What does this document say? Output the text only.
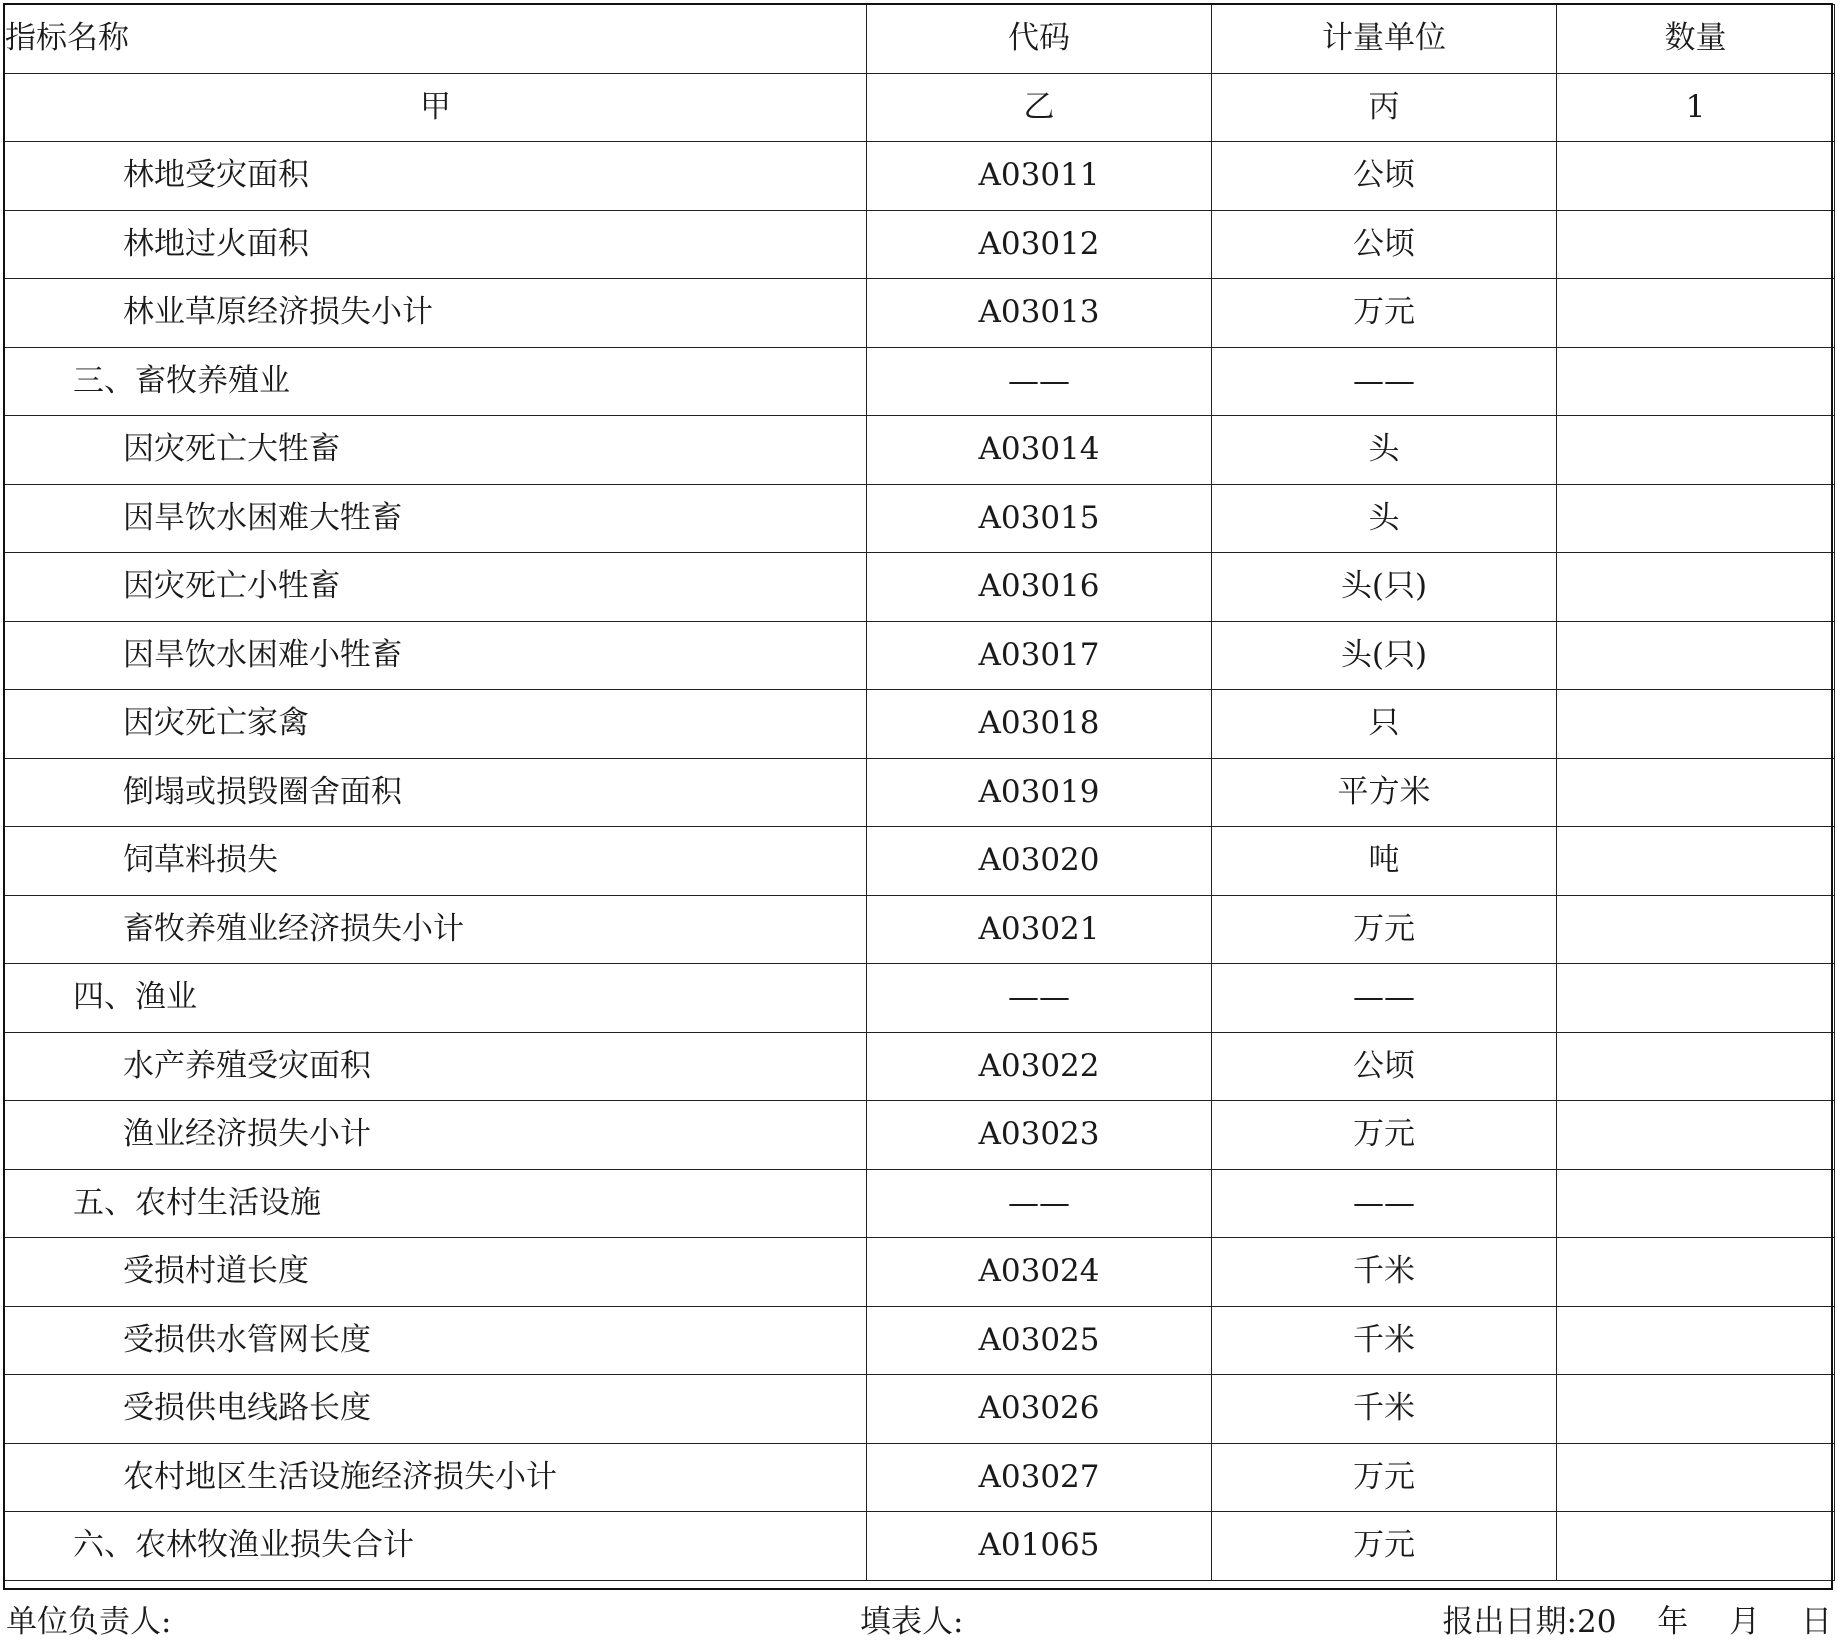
指标名称	代码	计量单位	数量
甲	乙	丙	1
林地受灾面积	A03011	公顷	
林地过火面积	A03012	公顷	
林业草原经济损失小计	A03013	万元	
三、畜牧养殖业	——	——	
因灾死亡大牲畜	A03014	头	
因旱饮水困难大牲畜	A03015	头	
因灾死亡小牲畜	A03016	头(只)	
因旱饮水困难小牲畜	A03017	头(只)	
因灾死亡家禽	A03018	只	
倒塌或损毁圈舍面积	A03019	平方米	
饲草料损失	A03020	吨	
畜牧养殖业经济损失小计	A03021	万元	
四、渔业	——	——	
水产养殖受灾面积	A03022	公顷	
渔业经济损失小计	A03023	万元	
五、农村生活设施	——	——	
受损村道长度	A03024	千米	
受损供水管网长度	A03025	千米	
受损供电线路长度	A03026	千米	
农村地区生活设施经济损失小计	A03027	万元	
六、农林牧渔业损失合计	A01065	万元	
单位负责人:	填表人:	报出日期:20　 年　 月　 日
